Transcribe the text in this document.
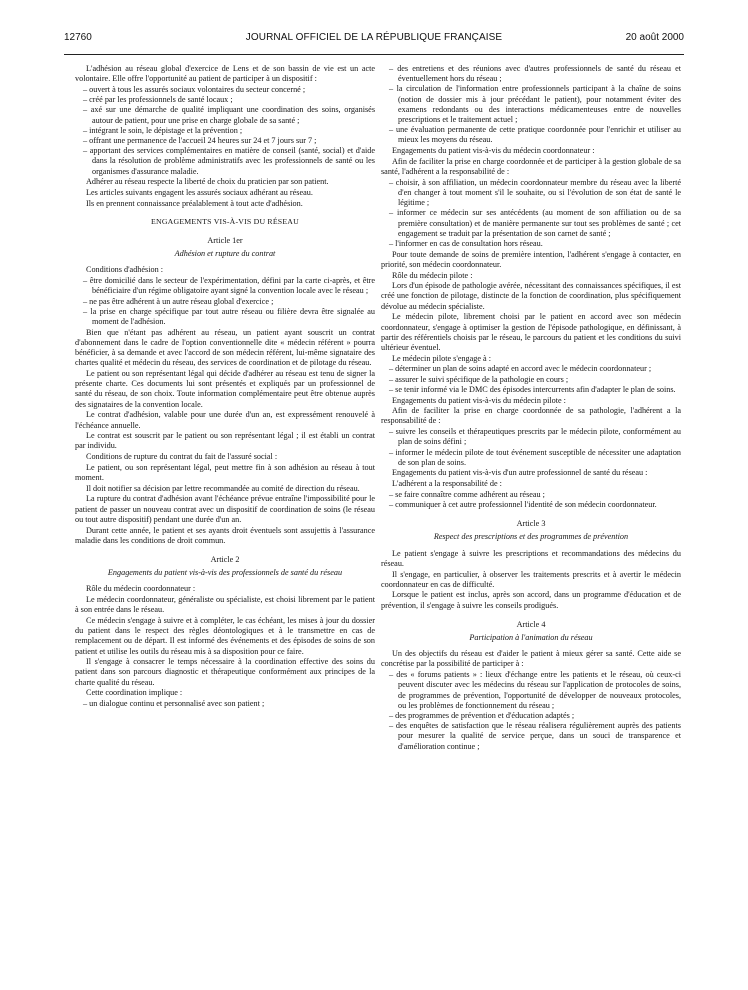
12760	JOURNAL OFFICIEL DE LA RÉPUBLIQUE FRANÇAISE	20 août 2000

L'adhésion au réseau global d'exercice de Lens et de son bassin de vie est un acte volontaire. Elle offre l'opportunité au patient de participer à un dispositif :

– ouvert à tous les assurés sociaux volontaires du secteur concerné ;
– créé par les professionnels de santé locaux ;
– axé sur une démarche de qualité impliquant une coordination des soins, organisés autour de patient, pour une prise en charge globale de sa santé ;
– intégrant le soin, le dépistage et la prévention ;
– offrant une permanence de l'accueil 24 heures sur 24 et 7 jours sur 7 ;
– apportant des services complémentaires en matière de conseil (santé, social) et d'aide dans la résolution de problème administratifs avec les professionnels de santé ou les organismes d'assurance maladie.

Adhérer au réseau respecte la liberté de choix du praticien par son patient.

Les articles suivants engagent les assurés sociaux adhérant au réseau.

Ils en prennent connaissance préalablement à tout acte d'adhésion.

ENGAGEMENTS VIS-À-VIS DU RÉSEAU

Article 1er

Adhésion et rupture du contrat

Conditions d'adhésion :

– être domicilié dans le secteur de l'expérimentation, défini par la carte ci-après, et être bénéficiaire d'un régime obligatoire ayant signé la convention locale avec le réseau ;
– ne pas être adhérent à un autre réseau global d'exercice ;
– la prise en charge spécifique par tout autre réseau ou filière devra être signalée au moment de l'adhésion.

Bien que n'étant pas adhérent au réseau, un patient ayant souscrit un contrat d'abonnement dans le cadre de l'option conventionnelle dite « médecin référent » pourra bénéficier, à sa demande et avec l'accord de son médecin référent, lui-même signataire des chartes qualité et médecin du réseau, des services de coordination et de pilotage du réseau.

Le patient ou son représentant légal qui décide d'adhérer au réseau est tenu de signer la présente charte. Ces documents lui sont présentés et expliqués par un professionnel de santé du réseau, de son choix. Toute information complémentaire peut être obtenue auprès des signataires de la convention locale.

Le contrat d'adhésion, valable pour une durée d'un an, est expressément renouvelé à l'échéance annuelle.

Le contrat est souscrit par le patient ou son représentant légal ; il est établi un contrat par individu.

Conditions de rupture du contrat du fait de l'assuré social :

Le patient, ou son représentant légal, peut mettre fin à son adhésion au réseau à tout moment.

Il doit notifier sa décision par lettre recommandée au comité de direction du réseau.

La rupture du contrat d'adhésion avant l'échéance prévue entraîne l'impossibilité pour le patient de passer un nouveau contrat avec un dispositif de coordination de soins (le réseau ou tout autre dispositif) pendant une durée d'un an.

Durant cette année, le patient et ses ayants droit éventuels sont assujettis à l'assurance maladie dans les conditions de droit commun.

Article 2

Engagements du patient vis-à-vis des professionnels de santé du réseau

Rôle du médecin coordonnateur :

Le médecin coordonnateur, généraliste ou spécialiste, est choisi librement par le patient à son entrée dans le réseau.

Ce médecin s'engage à suivre et à compléter, le cas échéant, les mises à jour du dossier du patient dans le respect des règles déontologiques et à le transmettre en cas de remplacement ou de départ. Il est informé des événements et des épisodes de soins de son patient et utilise les outils du réseau mis à sa disposition pour ce faire.

Il s'engage à consacrer le temps nécessaire à la coordination effective des soins du patient dans son parcours diagnostic et thérapeutique conformément aux principes de la charte qualité du réseau.

Cette coordination implique :

– un dialogue continu et personnalisé avec son patient ;
– des entretiens et des réunions avec d'autres professionnels de santé du réseau et éventuellement hors du réseau ;
– la circulation de l'information entre professionnels participant à la chaîne de soins (notion de dossier mis à jour précédant le patient), pour notamment éviter des examens redondants ou des interactions médicamenteuses entre de nouvelles prescriptions et le traitement actuel ;
– une évaluation permanente de cette pratique coordonnée pour l'enrichir et utiliser au mieux les moyens du réseau.

Engagements du patient vis-à-vis du médecin coordonnateur :

Afin de faciliter la prise en charge coordonnée et de participer à la gestion globale de sa santé, l'adhérent a la responsabilité de :

– choisir, à son affiliation, un médecin coordonnateur membre du réseau avec la liberté d'en changer à tout moment s'il le souhaite, ou si l'évolution de son état de santé le légitime ;
– informer ce médecin sur ses antécédents (au moment de son affiliation ou de sa première consultation) et de manière permanente sur tout ses problèmes de santé ; cet engagement se traduit par la présentation de son carnet de santé ;
– l'informer en cas de consultation hors réseau.

Pour toute demande de soins de première intention, l'adhérent s'engage à contacter, en priorité, son médecin coordonnateur.

Rôle du médecin pilote :

Lors d'un épisode de pathologie avérée, nécessitant des connaissances spécifiques, il est créé une fonction de pilotage, distincte de la fonction de coordination, plus spécifiquement dévolue au médecin spécialiste.

Le médecin pilote, librement choisi par le patient en accord avec son médecin coordonnateur, s'engage à optimiser la gestion de l'épisode pathologique, en définissant, à partir des référentiels choisis par le réseau, le parcours du patient et les conditions du suivi ultérieur éventuel.

Le médecin pilote s'engage à :

– déterminer un plan de soins adapté en accord avec le médecin coordonnateur ;
– assurer le suivi spécifique de la pathologie en cours ;
– se tenir informé via le DMC des épisodes intercurrents afin d'adapter le plan de soins.

Engagements du patient vis-à-vis du médecin pilote :

Afin de faciliter la prise en charge coordonnée de sa pathologie, l'adhérent a la responsabilité de :

– suivre les conseils et thérapeutiques prescrits par le médecin pilote, conformément au plan de soins défini ;
– informer le médecin pilote de tout événement susceptible de nécessiter une adaptation de son plan de soins.

Engagements du patient vis-à-vis d'un autre professionnel de santé du réseau :

L'adhérent a la responsabilité de :

– se faire connaître comme adhérent au réseau ;
– communiquer à cet autre professionnel l'identité de son médecin coordonnateur.

Article 3

Respect des prescriptions et des programmes de prévention

Le patient s'engage à suivre les prescriptions et recommandations des médecins du réseau.

Il s'engage, en particulier, à observer les traitements prescrits et à avertir le médecin coordonnateur en cas de difficulté.

Lorsque le patient est inclus, après son accord, dans un programme d'éducation et de prévention, il s'engage à suivre les conseils prodigués.

Article 4

Participation à l'animation du réseau

Un des objectifs du réseau est d'aider le patient à mieux gérer sa santé. Cette aide se concrétise par la possibilité de participer à :

– des « forums patients » : lieux d'échange entre les patients et le réseau, où ceux-ci peuvent discuter avec les médecins du réseau sur l'application de protocoles de soins, de programmes de prévention, l'opportunité de développer de nouveaux protocoles, ou les problèmes de fonctionnement du réseau ;
– des programmes de prévention et d'éducation adaptés ;
– des enquêtes de satisfaction que le réseau réalisera régulièrement auprès des patients pour mesurer la qualité de service perçue, dans un souci de transparence et d'amélioration continue ;
